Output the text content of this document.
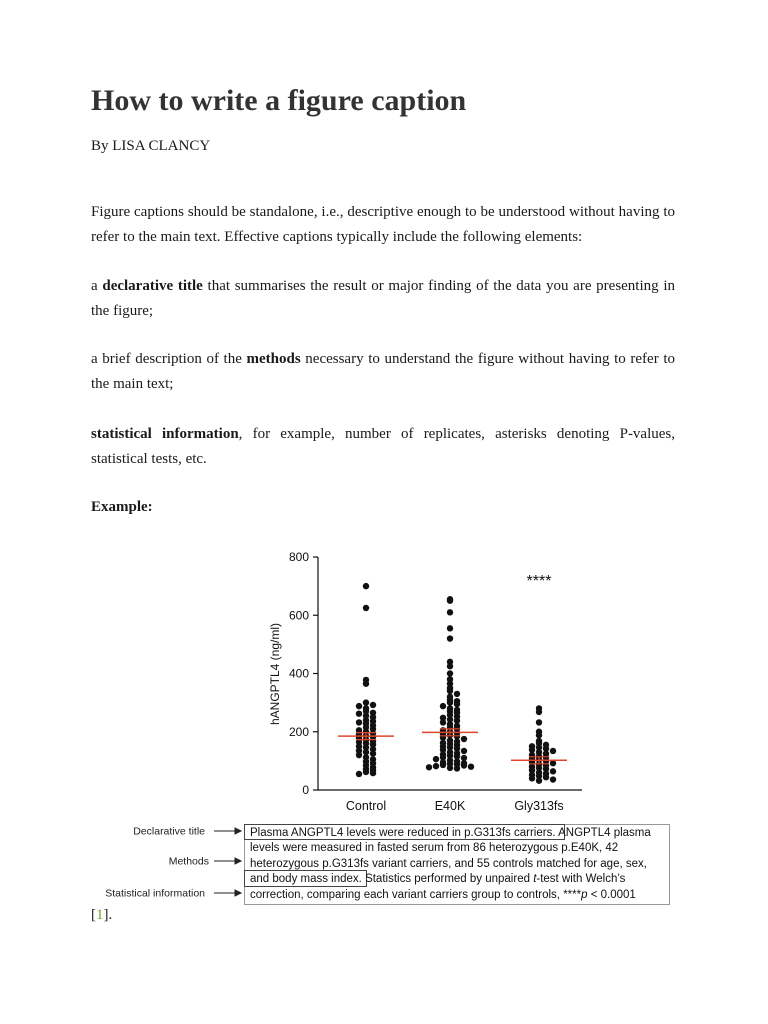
How to write a figure caption
By LISA CLANCY

Figure captions should be standalone, i.e., descriptive enough to be understood without having to refer to the main text. Effective captions typically include the following elements:

a declarative title that summarises the result or major finding of the data you are presenting in the figure;

a brief description of the methods necessary to understand the figure without having to refer to the main text;

statistical information, for example, number of replicates, asterisks denoting P-values, statistical tests, etc.

Example:
0
200
400
600
800
hANGPTL4 (ng/ml)
Control	E40K	Gly313fs
****
Declarative title
Methods
Statistical information
Plasma ANGPTL4 levels were reduced in p.G313fs carriers. ANGPTL4 plasma
levels were measured in fasted serum from 86 heterozygous p.E40K, 42
heterozygous p.G313fs variant carriers, and 55 controls matched for age, sex,
and body mass index. Statistics performed by unpaired t-test with Welch’s
correction, comparing each variant carriers group to controls, ****p < 0.0001
[1].
